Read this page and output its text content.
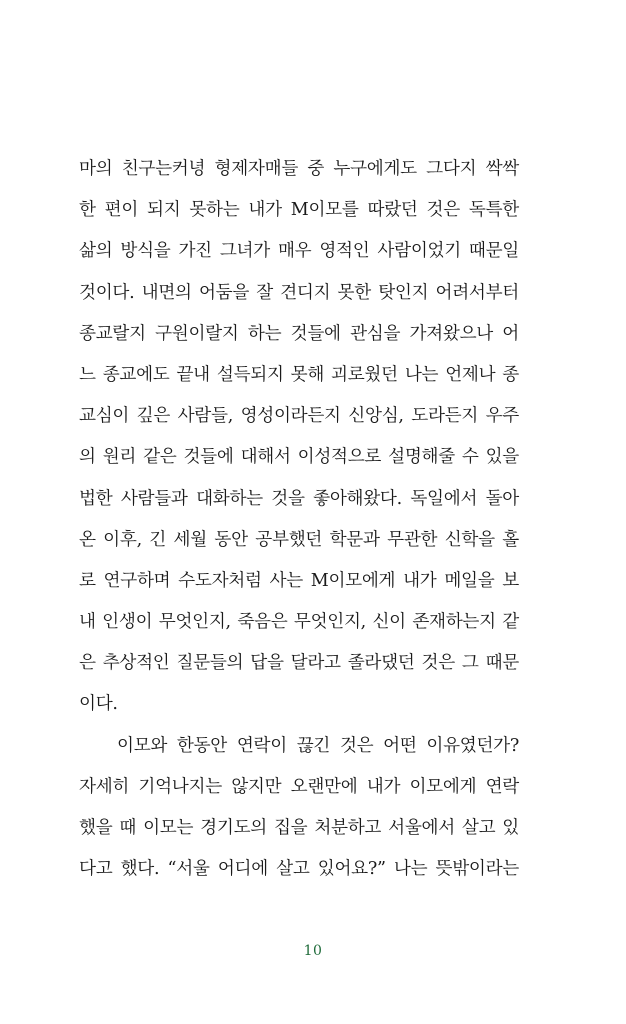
마의 친구는커녕 형제자매들 중 누구에게도 그다지 싹싹
한 편이 되지 못하는 내가 M이모를 따랐던 것은 독특한
삶의 방식을 가진 그녀가 매우 영적인 사람이었기 때문일
것이다. 내면의 어둠을 잘 견디지 못한 탓인지 어려서부터
종교랄지 구원이랄지 하는 것들에 관심을 가져왔으나 어
느 종교에도 끝내 설득되지 못해 괴로웠던 나는 언제나 종
교심이 깊은 사람들, 영성이라든지 신앙심, 도라든지 우주
의 원리 같은 것들에 대해서 이성적으로 설명해줄 수 있을
법한 사람들과 대화하는 것을 좋아해왔다. 독일에서 돌아
온 이후, 긴 세월 동안 공부했던 학문과 무관한 신학을 홀
로 연구하며 수도자처럼 사는 M이모에게 내가 메일을 보
내 인생이 무엇인지, 죽음은 무엇인지, 신이 존재하는지 같
은 추상적인 질문들의 답을 달라고 졸라댔던 것은 그 때문
이다.
이모와 한동안 연락이 끊긴 것은 어떤 이유였던가?
자세히 기억나지는 않지만 오랜만에 내가 이모에게 연락
했을 때 이모는 경기도의 집을 처분하고 서울에서 살고 있
다고 했다. “서울 어디에 살고 있어요?” 나는 뜻밖이라는
10
